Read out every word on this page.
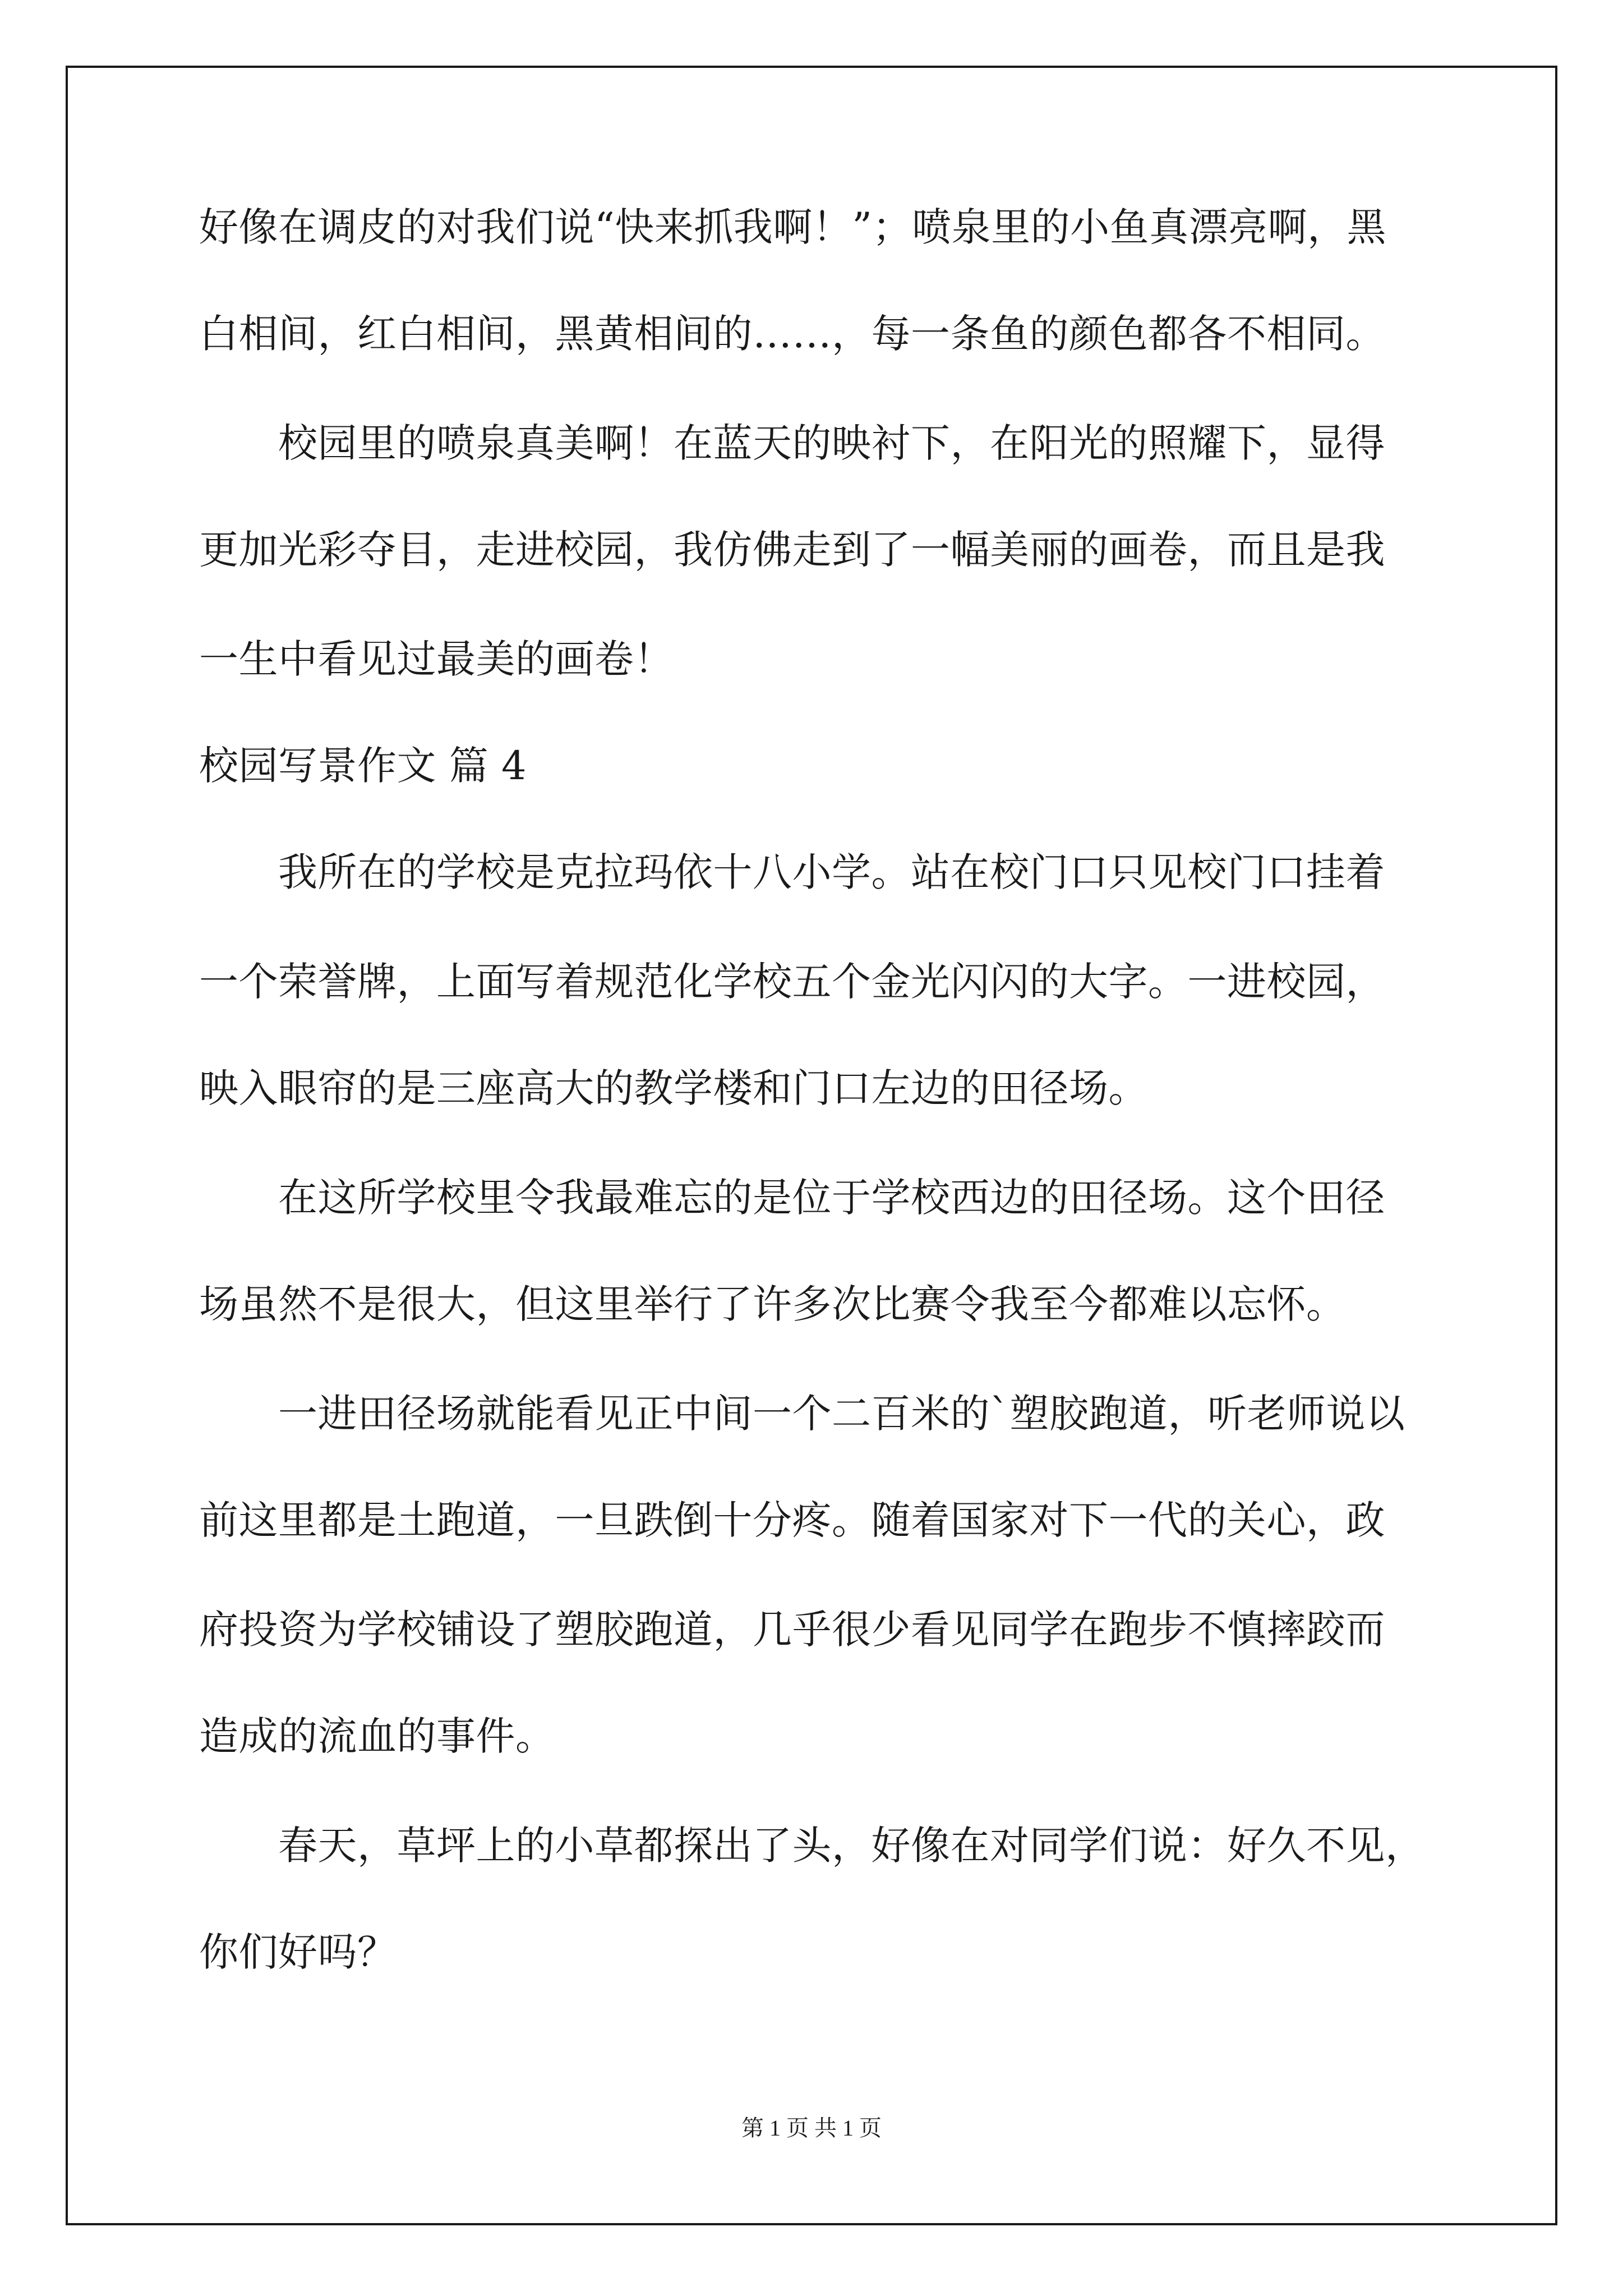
好像在调皮的对我们说“快来抓我啊！”；喷泉里的小鱼真漂亮啊，黑
白相间，红白相间，黑黄相间的……，每一条鱼的颜色都各不相同。
　　校园里的喷泉真美啊！在蓝天的映衬下，在阳光的照耀下，显得
更加光彩夺目，走进校园，我仿佛走到了一幅美丽的画卷，而且是我
一生中看见过最美的画卷！
校园写景作文 篇 4
　　我所在的学校是克拉玛依十八小学。站在校门口只见校门口挂着
一个荣誉牌，上面写着规范化学校五个金光闪闪的大字。一进校园，
映入眼帘的是三座高大的教学楼和门口左边的田径场。
　　在这所学校里令我最难忘的是位于学校西边的田径场。这个田径
场虽然不是很大，但这里举行了许多次比赛令我至今都难以忘怀。
　　一进田径场就能看见正中间一个二百米的`塑胶跑道，听老师说以
前这里都是土跑道，一旦跌倒十分疼。随着国家对下一代的关心，政
府投资为学校铺设了塑胶跑道，几乎很少看见同学在跑步不慎摔跤而
造成的流血的事件。
　　春天，草坪上的小草都探出了头，好像在对同学们说：好久不见，
你们好吗？
第 1 页 共 1 页
